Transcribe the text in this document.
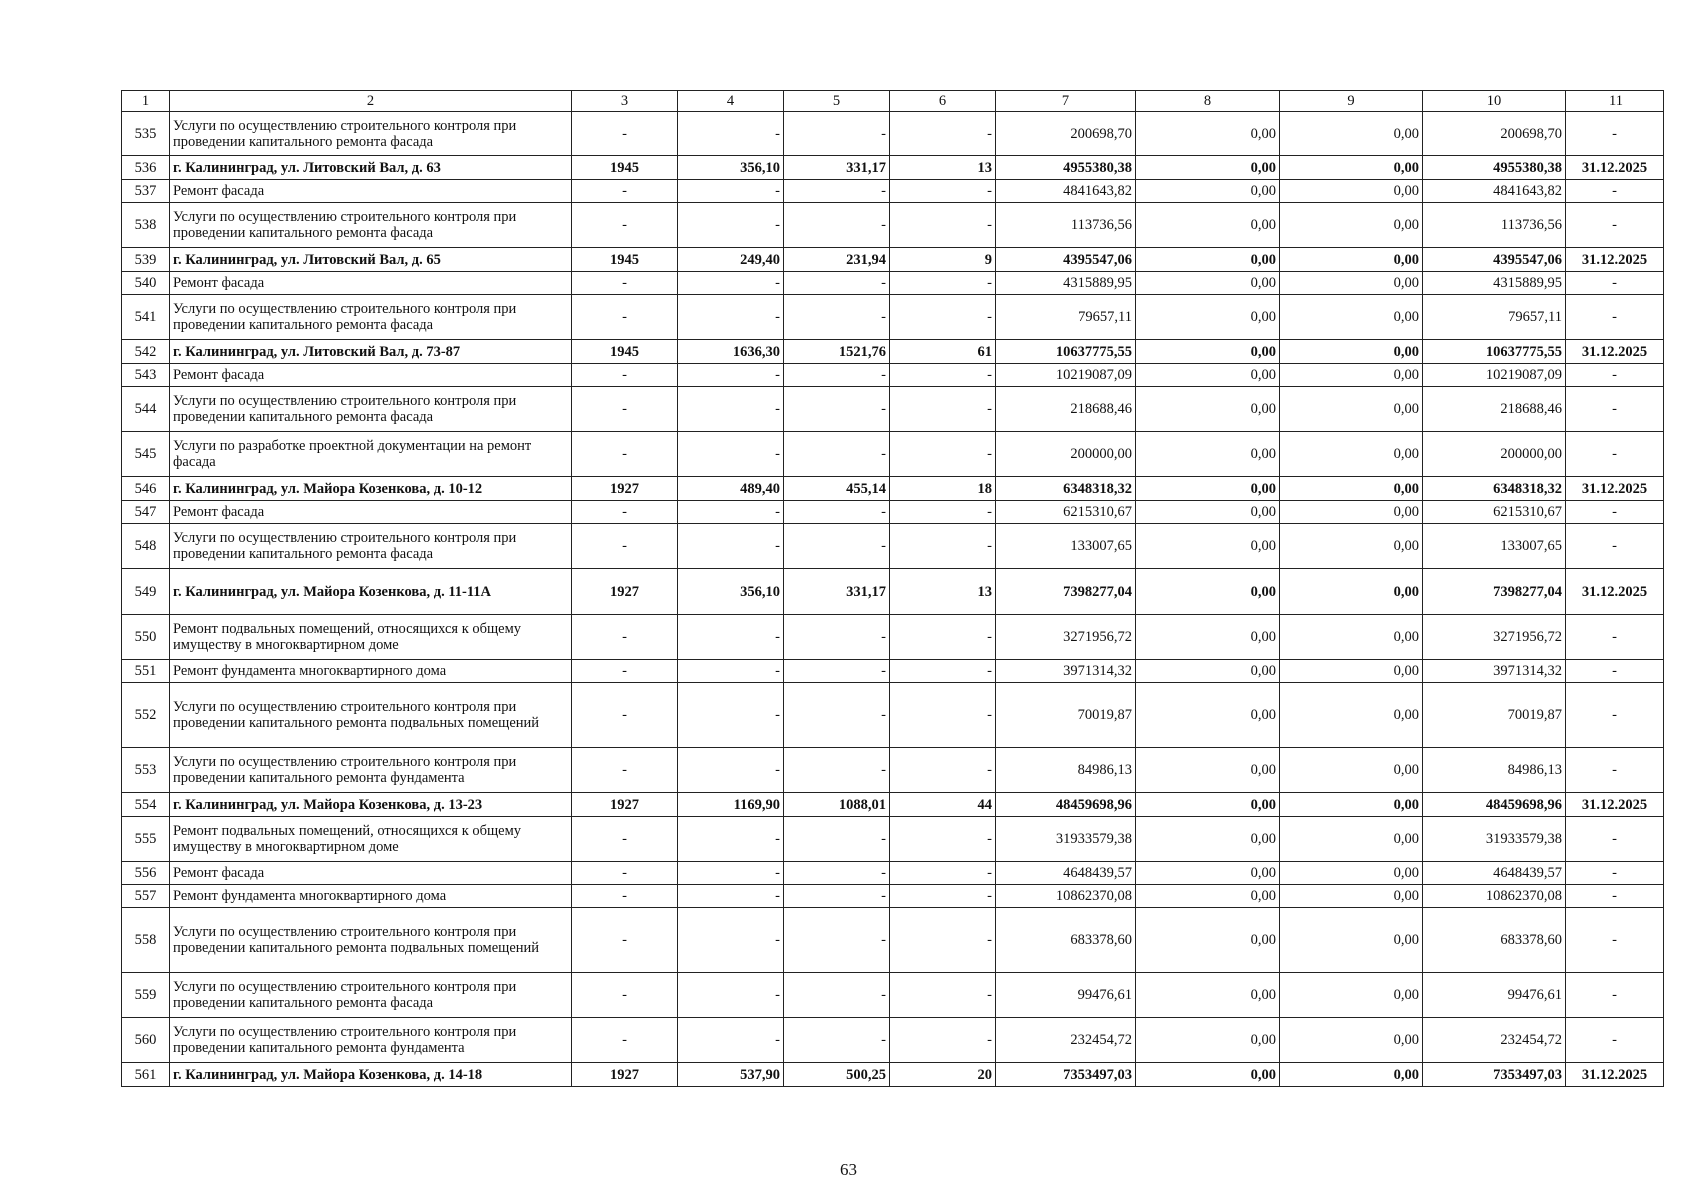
1	2	3	4	5	6	7	8	9	10	11
535	Услуги по осуществлению строительного контроля при проведении капитального ремонта фасада	-	-	-	-	200698,70	0,00	0,00	200698,70	-
536	г. Калининград, ул. Литовский Вал, д. 63	1945	356,10	331,17	13	4955380,38	0,00	0,00	4955380,38	31.12.2025
537	Ремонт фасада	-	-	-	-	4841643,82	0,00	0,00	4841643,82	-
538	Услуги по осуществлению строительного контроля при проведении капитального ремонта фасада	-	-	-	-	113736,56	0,00	0,00	113736,56	-
539	г. Калининград, ул. Литовский Вал, д. 65	1945	249,40	231,94	9	4395547,06	0,00	0,00	4395547,06	31.12.2025
540	Ремонт фасада	-	-	-	-	4315889,95	0,00	0,00	4315889,95	-
541	Услуги по осуществлению строительного контроля при проведении капитального ремонта фасада	-	-	-	-	79657,11	0,00	0,00	79657,11	-
542	г. Калининград, ул. Литовский Вал, д. 73-87	1945	1636,30	1521,76	61	10637775,55	0,00	0,00	10637775,55	31.12.2025
543	Ремонт фасада	-	-	-	-	10219087,09	0,00	0,00	10219087,09	-
544	Услуги по осуществлению строительного контроля при проведении капитального ремонта фасада	-	-	-	-	218688,46	0,00	0,00	218688,46	-
545	Услуги по разработке проектной документации на ремонт фасада	-	-	-	-	200000,00	0,00	0,00	200000,00	-
546	г. Калининград, ул. Майора Козенкова, д. 10-12	1927	489,40	455,14	18	6348318,32	0,00	0,00	6348318,32	31.12.2025
547	Ремонт фасада	-	-	-	-	6215310,67	0,00	0,00	6215310,67	-
548	Услуги по осуществлению строительного контроля при проведении капитального ремонта фасада	-	-	-	-	133007,65	0,00	0,00	133007,65	-
549	г. Калининград, ул. Майора Козенкова, д. 11-11А	1927	356,10	331,17	13	7398277,04	0,00	0,00	7398277,04	31.12.2025
550	Ремонт подвальных помещений, относящихся к общему имуществу в многоквартирном доме	-	-	-	-	3271956,72	0,00	0,00	3271956,72	-
551	Ремонт фундамента многоквартирного дома	-	-	-	-	3971314,32	0,00	0,00	3971314,32	-
552	Услуги по осуществлению строительного контроля при проведении капитального ремонта подвальных помещений	-	-	-	-	70019,87	0,00	0,00	70019,87	-
553	Услуги по осуществлению строительного контроля при проведении капитального ремонта фундамента	-	-	-	-	84986,13	0,00	0,00	84986,13	-
554	г. Калининград, ул. Майора Козенкова, д. 13-23	1927	1169,90	1088,01	44	48459698,96	0,00	0,00	48459698,96	31.12.2025
555	Ремонт подвальных помещений, относящихся к общему имуществу в многоквартирном доме	-	-	-	-	31933579,38	0,00	0,00	31933579,38	-
556	Ремонт фасада	-	-	-	-	4648439,57	0,00	0,00	4648439,57	-
557	Ремонт фундамента многоквартирного дома	-	-	-	-	10862370,08	0,00	0,00	10862370,08	-
558	Услуги по осуществлению строительного контроля при проведении капитального ремонта подвальных помещений	-	-	-	-	683378,60	0,00	0,00	683378,60	-
559	Услуги по осуществлению строительного контроля при проведении капитального ремонта фасада	-	-	-	-	99476,61	0,00	0,00	99476,61	-
560	Услуги по осуществлению строительного контроля при проведении капитального ремонта фундамента	-	-	-	-	232454,72	0,00	0,00	232454,72	-
561	г. Калининград, ул. Майора Козенкова, д. 14-18	1927	537,90	500,25	20	7353497,03	0,00	0,00	7353497,03	31.12.2025
63
